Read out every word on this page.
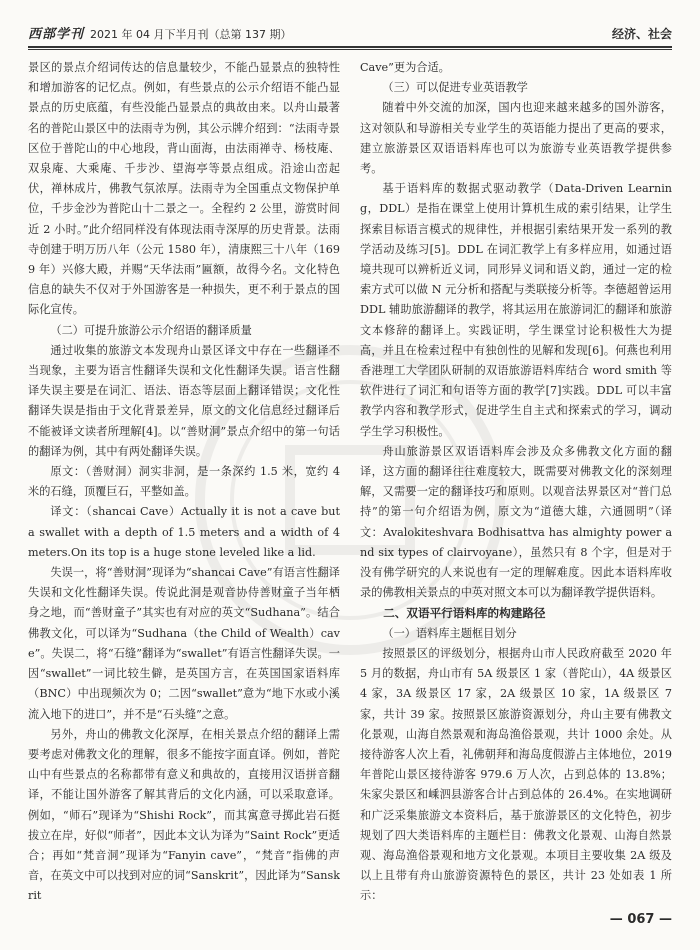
西部学刊 2021 年 04 月下半月刊（总第 137 期）	经济、社会

景区的景点介绍词传达的信息量较少，不能凸显景点的独特性和增加游客的记忆点。例如，有些景点的公示介绍语不能凸显景点的历史底蕴，有些没能凸显景点的典故由来。以舟山最著名的普陀山景区中的法雨寺为例，其公示牌介绍到：“法雨寺景区位于普陀山的中心地段，背山面海，由法雨禅寺、杨枝庵、双泉庵、大乘庵、千步沙、望海亭等景点组成。沿途山峦起伏，禅林成片，佛教气氛浓厚。法雨寺为全国重点文物保护单位，千步金沙为普陀山十二景之一。全程约 2 公里，游赏时间近 2 小时。”此介绍同样没有体现法雨寺深厚的历史背景。法雨寺创建于明万历八年（公元 1580 年），清康熙三十八年（1699 年）兴修大殿，并赐“天华法雨”匾额，故得今名。文化特色信息的缺失不仅对于外国游客是一种损失，更不利于景点的国际化宣传。

（二）可提升旅游公示介绍语的翻译质量

通过收集的旅游文本发现舟山景区译文中存在一些翻译不当现象，主要为语言性翻译失误和文化性翻译失误。语言性翻译失误主要是在词汇、语法、语态等层面上翻译错误；文化性翻译失误是指由于文化背景差异，原文的文化信息经过翻译后不能被译文读者所理解[4]。以“善财洞”景点介绍中的第一句话的翻译为例，其中有两处翻译失误。

原文：（善财洞）洞实非洞，是一条深约 1.5 米，宽约 4 米的石缝，顶覆巨石，平整如盖。

译文：（shancai Cave）Actually it is not a cave but a swallet with a depth of 1.5 meters and a width of 4 meters.On its top is a huge stone leveled like a lid.

失误一，将“善财洞”现译为“shancai Cave”有语言性翻译失误和文化性翻译失误。传说此洞是观音协侍善财童子当年栖身之地，而“善财童子”其实也有对应的英文“Sudhana”。结合佛教文化，可以译为“Sudhana（the Child of Wealth）cave”。失误二，将“石缝”翻译为“swallet”有语言性翻译失误。一因“swallet”一词比较生僻，是英国方言，在英国国家语料库（BNC）中出现频次为 0；二因“swallet”意为“地下水或小溪流入地下的进口”，并不是“石头缝”之意。

另外，舟山的佛教文化深厚，在相关景点介绍的翻译上需要考虑对佛教文化的理解，很多不能按字面直译。例如，普陀山中有些景点的名称都带有意义和典故的，直接用汉语拼音翻译，不能让国外游客了解其背后的文化内涵，可以采取意译。例如，“师石”现译为“Shishi Rock”，而其寓意寻掷此岩石挺拔立在岸，好似“师者”，因此本文认为译为“Saint Rock”更适合；再如“梵音洞”现译为“Fanyin cave”，“梵音”指佛的声音，在英文中可以找到对应的词“Sanskrit”，因此译为“Sanskrit

Cave”更为合适。

（三）可以促进专业英语教学

随着中外交流的加深，国内也迎来越来越多的国外游客，这对领队和导游相关专业学生的英语能力提出了更高的要求，建立旅游景区双语语料库也可以为旅游专业英语教学提供参考。

基于语料库的数据式驱动教学（Data-Driven Learning，DDL）是指在课堂上使用计算机生成的索引结果，让学生探索目标语言模式的规律性，并根据引索结果开发一系列的教学活动及练习[5]。DDL 在词汇教学上有多样应用，如通过语境共现可以辨析近义词，同形异义词和语义韵，通过一定的检索方式可以做 N 元分析和搭配与类联接分析等。李德超曾运用 DDL 辅助旅游翻译的教学，将其运用在旅游词汇的翻译和旅游文本修辞的翻译上。实践证明，学生课堂讨论积极性大为提高，并且在检索过程中有独创性的见解和发现[6]。何燕也利用香港理工大学团队研制的双语旅游语料库结合 word smith 等软件进行了词汇和句语等方面的教学[7]实践。DDL 可以丰富教学内容和教学形式，促进学生自主式和探索式的学习，调动学生学习积极性。

舟山旅游景区双语语料库会涉及众多佛教文化方面的翻译，这方面的翻译往往难度较大，既需要对佛教文化的深刻理解，又需要一定的翻译技巧和原则。以观音法界景区对“普门总持”的第一句介绍语为例，原文为“道德大雄，六通圆明”（译文：Avalokiteshvara Bodhisattva has almighty power and six types of clairvoyane），虽然只有 8 个字，但是对于没有佛学研究的人来说也有一定的理解难度。因此本语料库收录的佛教相关景点的中英对照文本可以为翻译教学提供语料。

二、双语平行语料库的构建路径
（一）语料库主题框目划分

按照景区的评级划分，根据舟山市人民政府截至 2020 年 5 月的数据，舟山市有 5A 级景区 1 家（普陀山），4A 级景区 4 家，3A 级景区 17 家，2A 级景区 10 家，1A 级景区 7 家，共计 39 家。按照景区旅游资源划分，舟山主要有佛教文化景观，山海自然景观和海岛渔俗景观，共计 1000 余处。从接待游客人次上看，礼佛朝拜和海岛度假游占主体地位，2019 年普陀山景区接待游客 979.6 万人次，占到总体的 13.8%；朱家尖景区和嵊泗县游客合计占到总体的 26.4%。在实地调研和广泛采集旅游文本资料后，基于旅游景区的文化特色，初步规划了四大类语料库的主题栏目：佛教文化景观、山海自然景观、海岛渔俗景观和地方文化景观。本项目主要收集 2A 级及以上且带有舟山旅游资源特色的景区，共计 23 处如表 1 所示：

— 067 —
